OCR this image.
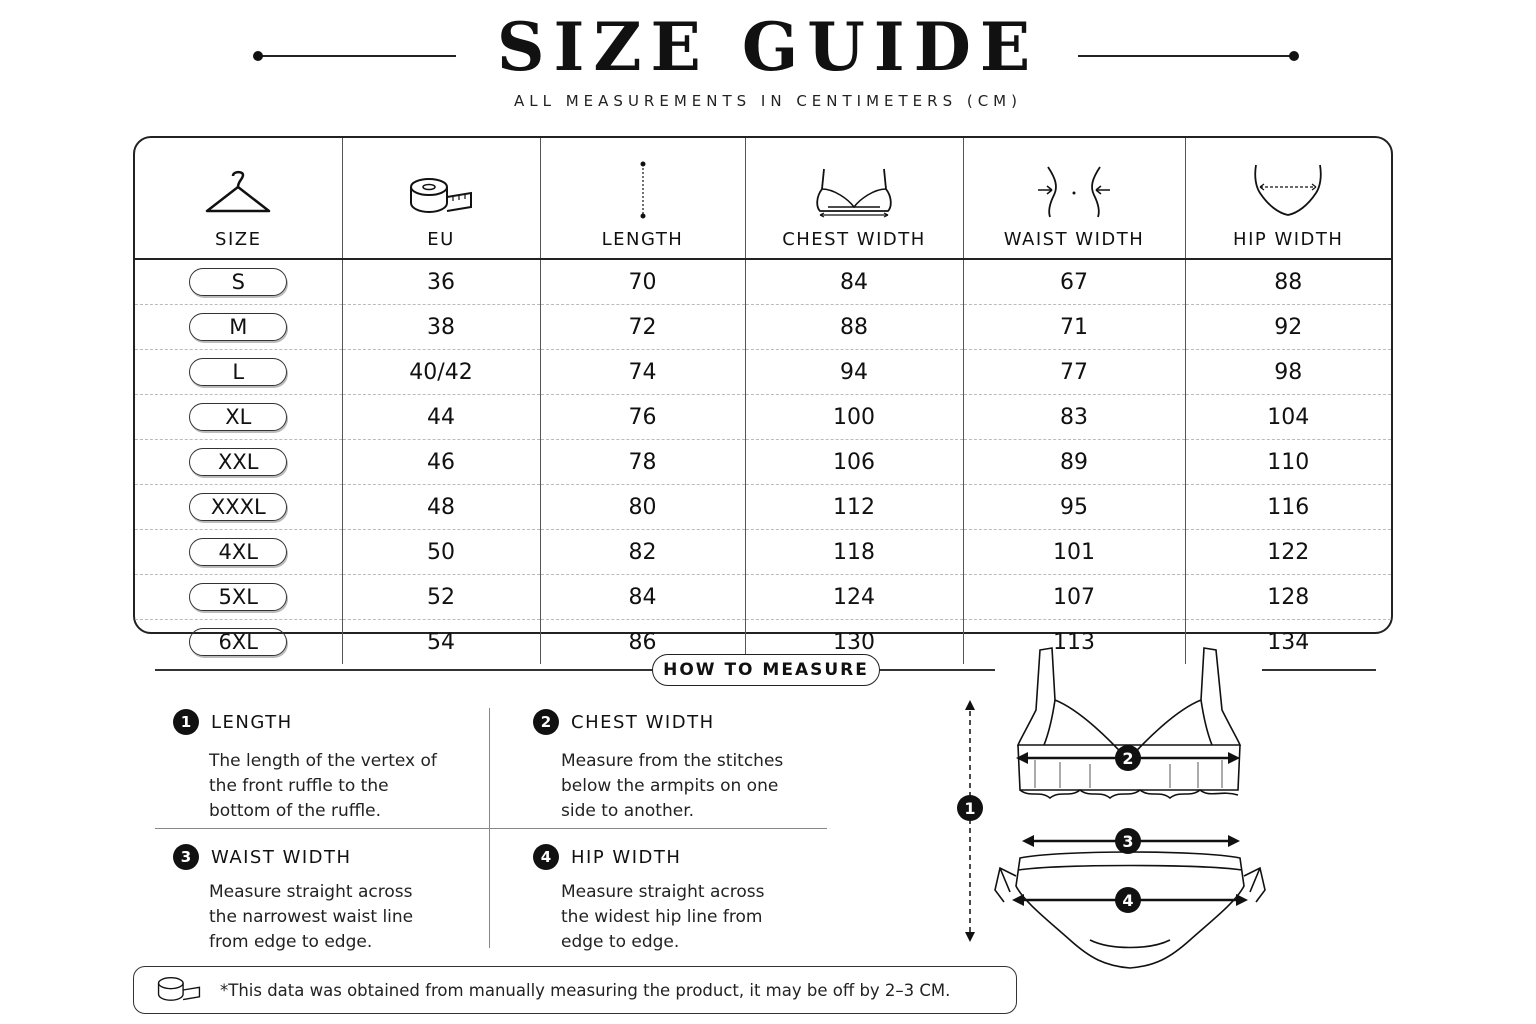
SIZE GUIDE
ALL MEASUREMENTS IN CENTIMETERS (CM)
SIZE	EU	LENGTH	CHEST WIDTH	WAIST WIDTH	HIP WIDTH
S	36	70	84	67	88
M	38	72	88	71	92
L	40/42	74	94	77	98
XL	44	76	100	83	104
XXL	46	78	106	89	110
XXXL	48	80	112	95	116
4XL	50	82	118	101	122
5XL	52	84	124	107	128
6XL	54	86	130	113	134
HOW TO MEASURE
1	LENGTH
The length of the vertex of the front ruffle to the bottom of the ruffle.
2	CHEST WIDTH
Measure from the stitches below the armpits on one side to another.
3	WAIST WIDTH
Measure straight across the narrowest waist line from edge to edge.
4	HIP WIDTH
Measure straight across the widest hip line from edge to edge.
1
2
3
4
*This data was obtained from manually measuring the product, it may be off by 2–3 CM.
